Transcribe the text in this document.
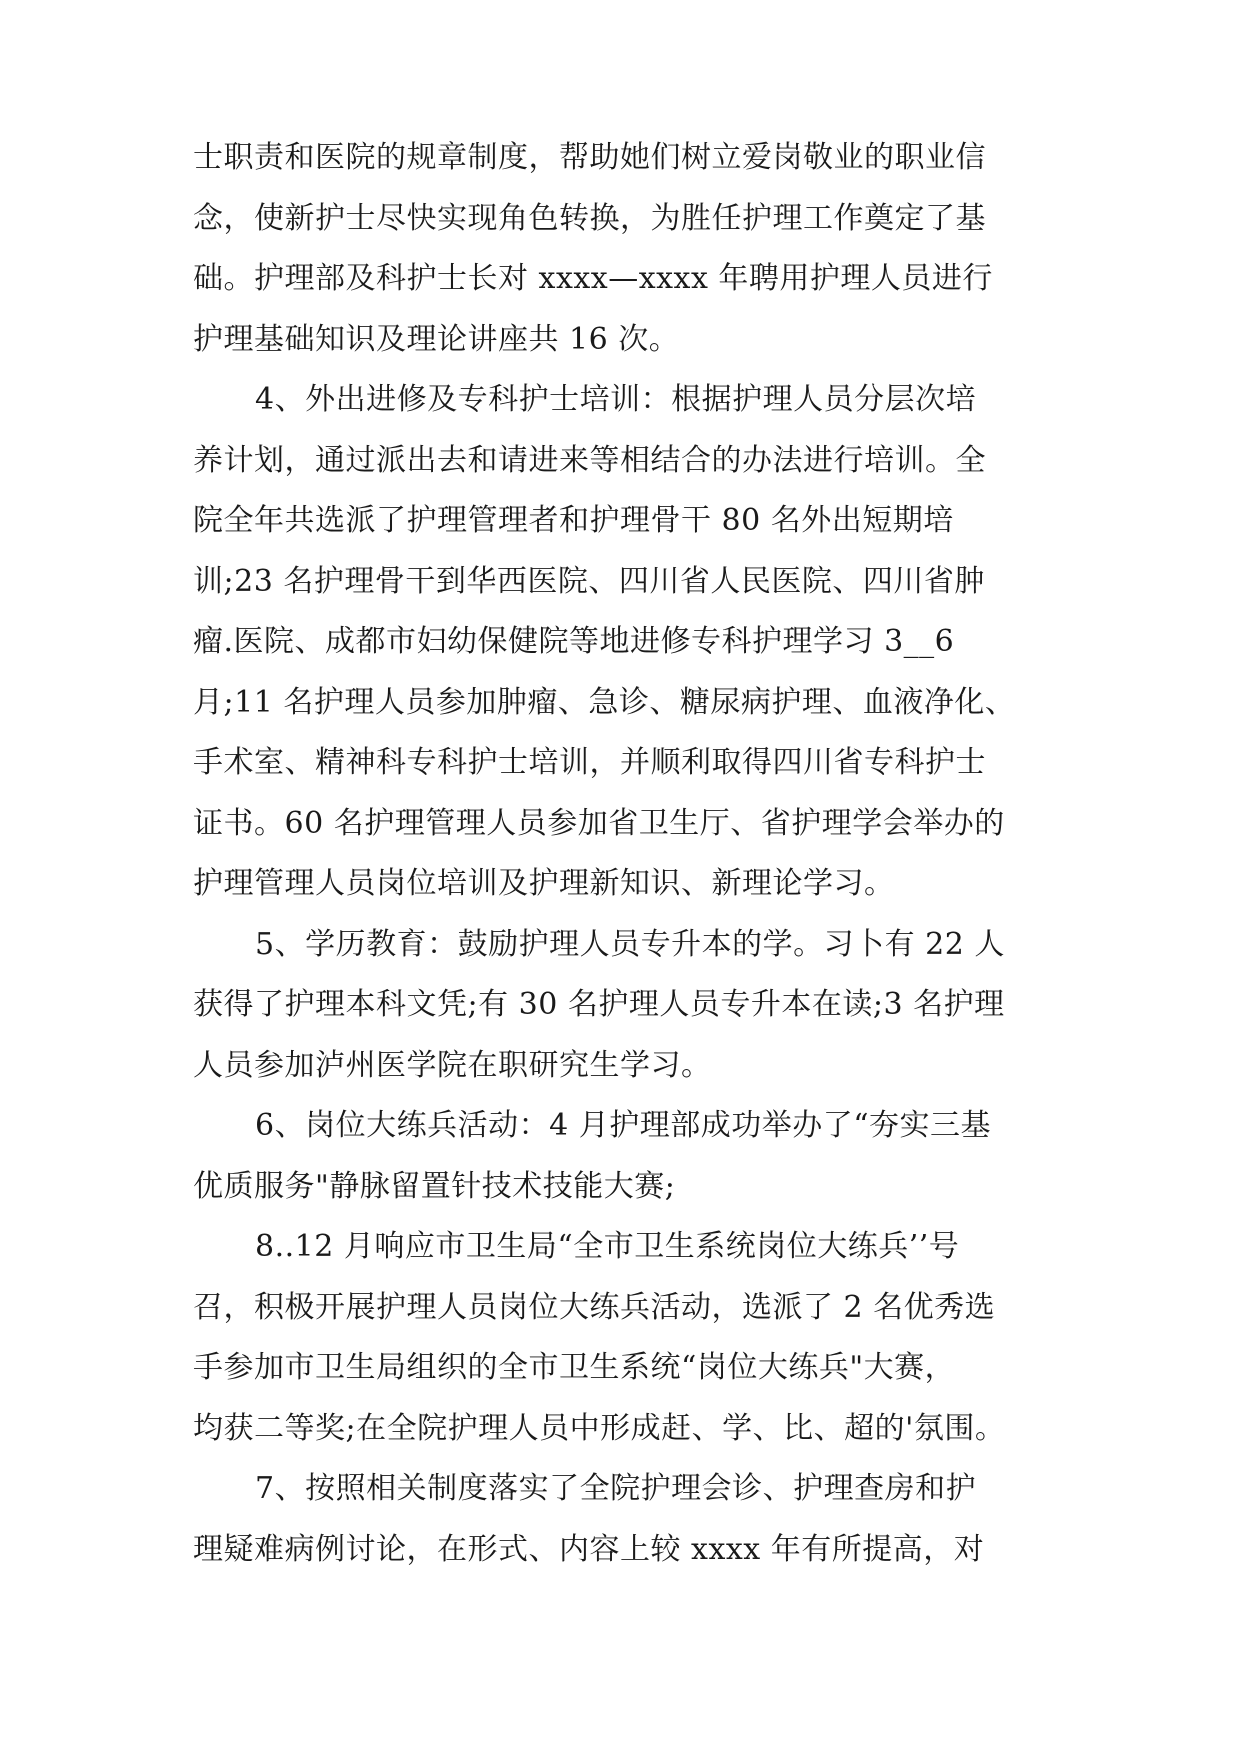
士职责和医院的规章制度，帮助她们树立爱岗敬业的职业信
念，使新护士尽快实现角色转换，为胜任护理工作奠定了基
础。护理部及科护士长对 xxxx—xxxx 年聘用护理人员进行
护理基础知识及理论讲座共 16 次。
4、外出进修及专科护士培训：根据护理人员分层次培
养计划，通过派出去和请进来等相结合的办法进行培训。全
院全年共选派了护理管理者和护理骨干 80 名外出短期培
训;23 名护理骨干到华西医院、四川省人民医院、四川省肿
瘤.医院、成都市妇幼保健院等地进修专科护理学习 3__6
月;11 名护理人员参加肿瘤、急诊、糖尿病护理、血液净化、
手术室、精神科专科护士培训，并顺利取得四川省专科护士
证书。60 名护理管理人员参加省卫生厅、省护理学会举办的
护理管理人员岗位培训及护理新知识、新理论学习。
5、学历教育：鼓励护理人员专升本的学。习卜有 22 人
获得了护理本科文凭;有 30 名护理人员专升本在读;3 名护理
人员参加泸州医学院在职研究生学习。
6、岗位大练兵活动：4 月护理部成功举办了“夯实三基
优质服务"静脉留置针技术技能大赛;
8..12 月响应市卫生局“全市卫生系统岗位大练兵’’号
召，积极开展护理人员岗位大练兵活动，选派了 2 名优秀选
手参加市卫生局组织的全市卫生系统“岗位大练兵"大赛，
均获二等奖;在全院护理人员中形成赶、学、比、超的'氛围。
7、按照相关制度落实了全院护理会诊、护理查房和护
理疑难病例讨论，在形式、内容上较 xxxx 年有所提高，对
